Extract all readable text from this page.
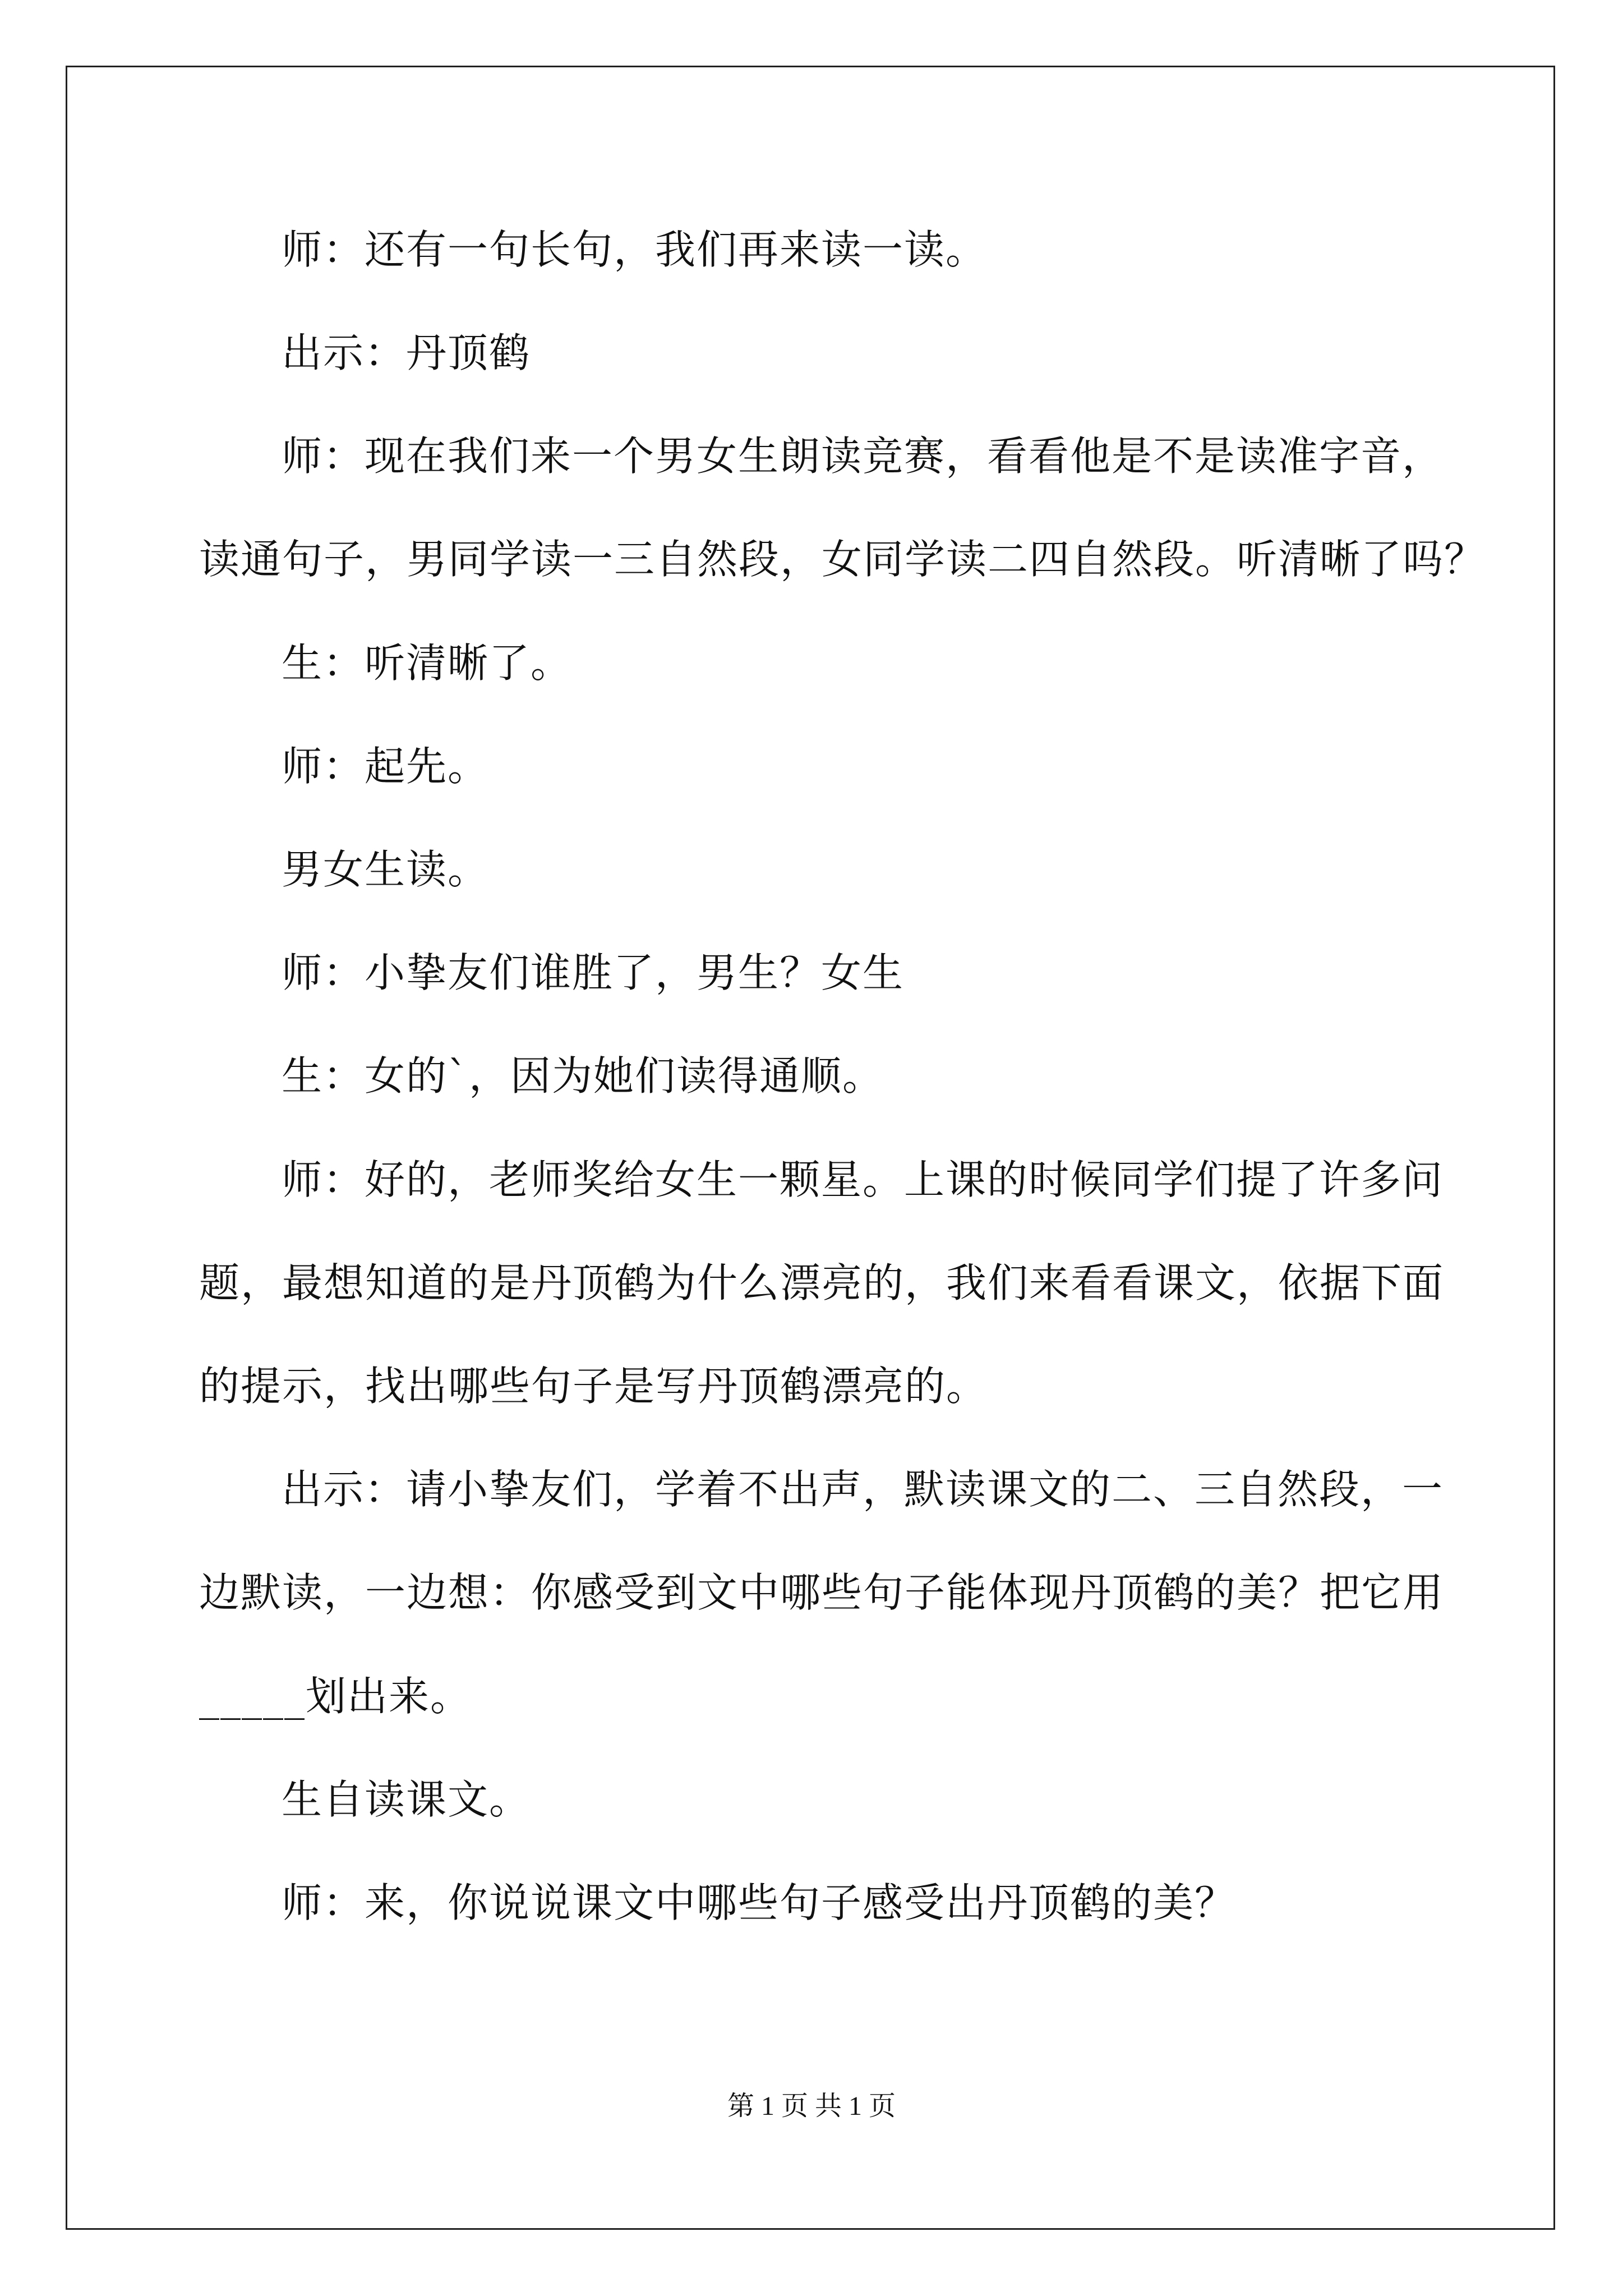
师：还有一句长句，我们再来读一读。
出示：丹顶鹤
师：现在我们来一个男女生朗读竞赛，看看他是不是读准字音，
读通句子，男同学读一三自然段，女同学读二四自然段。听清晰了吗？
生：听清晰了。
师：起先。
男女生读。
师：小挚友们谁胜了，男生？女生
生：女的`，因为她们读得通顺。
师：好的，老师奖给女生一颗星。上课的时候同学们提了许多问
题，最想知道的是丹顶鹤为什么漂亮的，我们来看看课文，依据下面
的提示，找出哪些句子是写丹顶鹤漂亮的。
出示：请小挚友们，学着不出声，默读课文的二、三自然段，一
边默读，一边想：你感受到文中哪些句子能体现丹顶鹤的美？把它用
_____划出来。
生自读课文。
师：来，你说说课文中哪些句子感受出丹顶鹤的美？
第 1 页 共 1 页
